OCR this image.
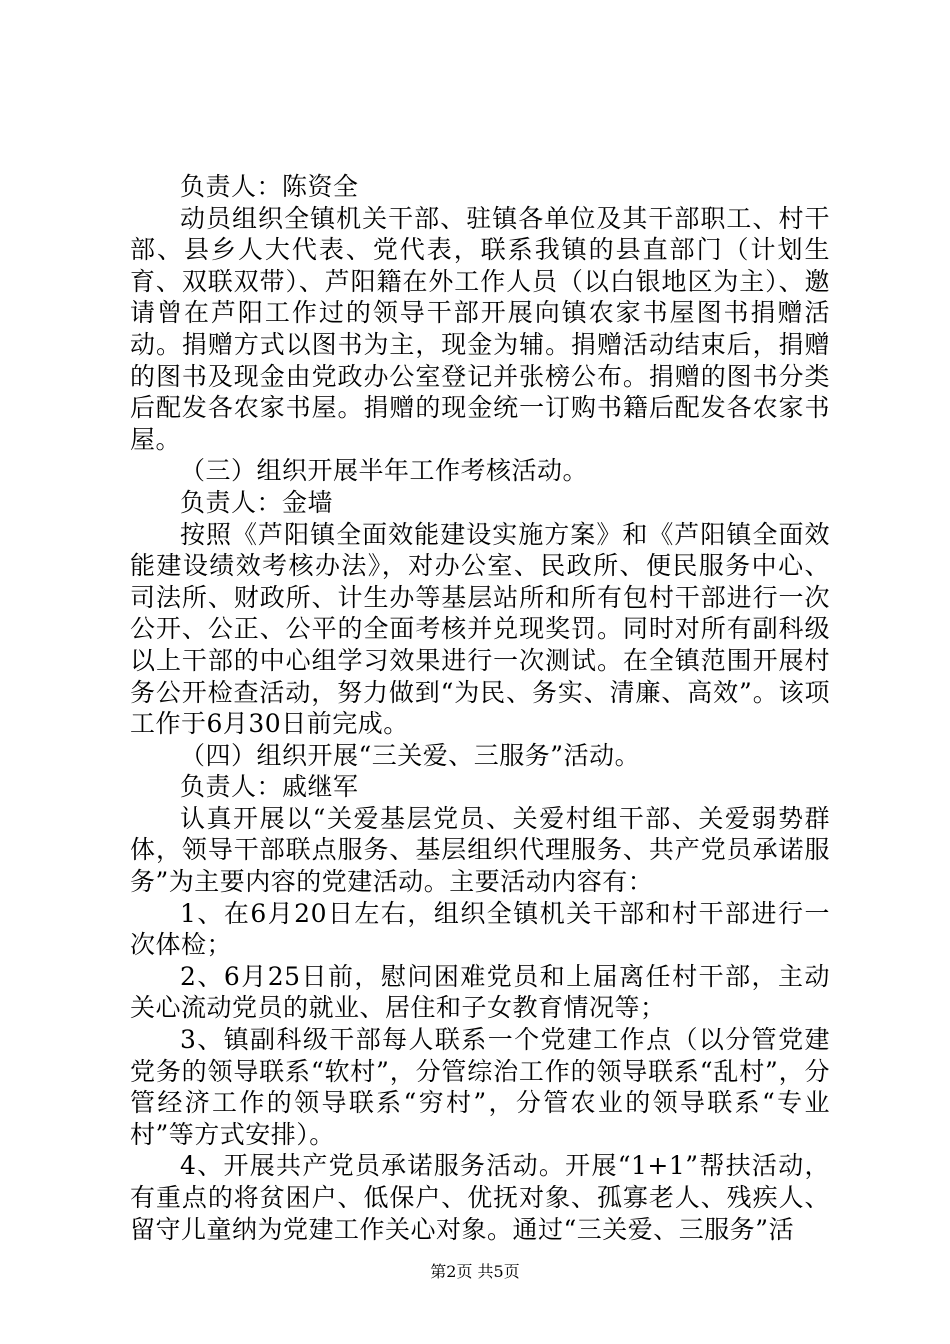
负责人：陈资全

动员组织全镇机关干部、驻镇各单位及其干部职工、村干部、县乡人大代表、党代表，联系我镇的县直部门（计划生育、双联双带）、芦阳籍在外工作人员（以白银地区为主）、邀请曾在芦阳工作过的领导干部开展向镇农家书屋图书捐赠活动。捐赠方式以图书为主，现金为辅。捐赠活动结束后，捐赠的图书及现金由党政办公室登记并张榜公布。捐赠的图书分类后配发各农家书屋。捐赠的现金统一订购书籍后配发各农家书屋。

（三）组织开展半年工作考核活动。

负责人：金墙

按照《芦阳镇全面效能建设实施方案》和《芦阳镇全面效能建设绩效考核办法》，对办公室、民政所、便民服务中心、司法所、财政所、计生办等基层站所和所有包村干部进行一次公开、公正、公平的全面考核并兑现奖罚。同时对所有副科级以上干部的中心组学习效果进行一次测试。在全镇范围开展村务公开检查活动，努力做到“为民、务实、清廉、高效”。该项工作于6月30日前完成。

（四）组织开展“三关爱、三服务”活动。

负责人：戚继军

认真开展以“关爱基层党员、关爱村组干部、关爱弱势群体，领导干部联点服务、基层组织代理服务、共产党员承诺服务”为主要内容的党建活动。主要活动内容有：

1、在6月20日左右，组织全镇机关干部和村干部进行一次体检；

2、6月25日前，慰问困难党员和上届离任村干部，主动关心流动党员的就业、居住和子女教育情况等；

3、镇副科级干部每人联系一个党建工作点（以分管党建党务的领导联系“软村”，分管综治工作的领导联系“乱村”，分管经济工作的领导联系“穷村”，分管农业的领导联系“专业村”等方式安排）。

4、开展共产党员承诺服务活动。开展“1+1”帮扶活动，有重点的将贫困户、低保户、优抚对象、孤寡老人、残疾人、留守儿童纳为党建工作关心对象。通过“三关爱、三服务”活

第2页 共5页
